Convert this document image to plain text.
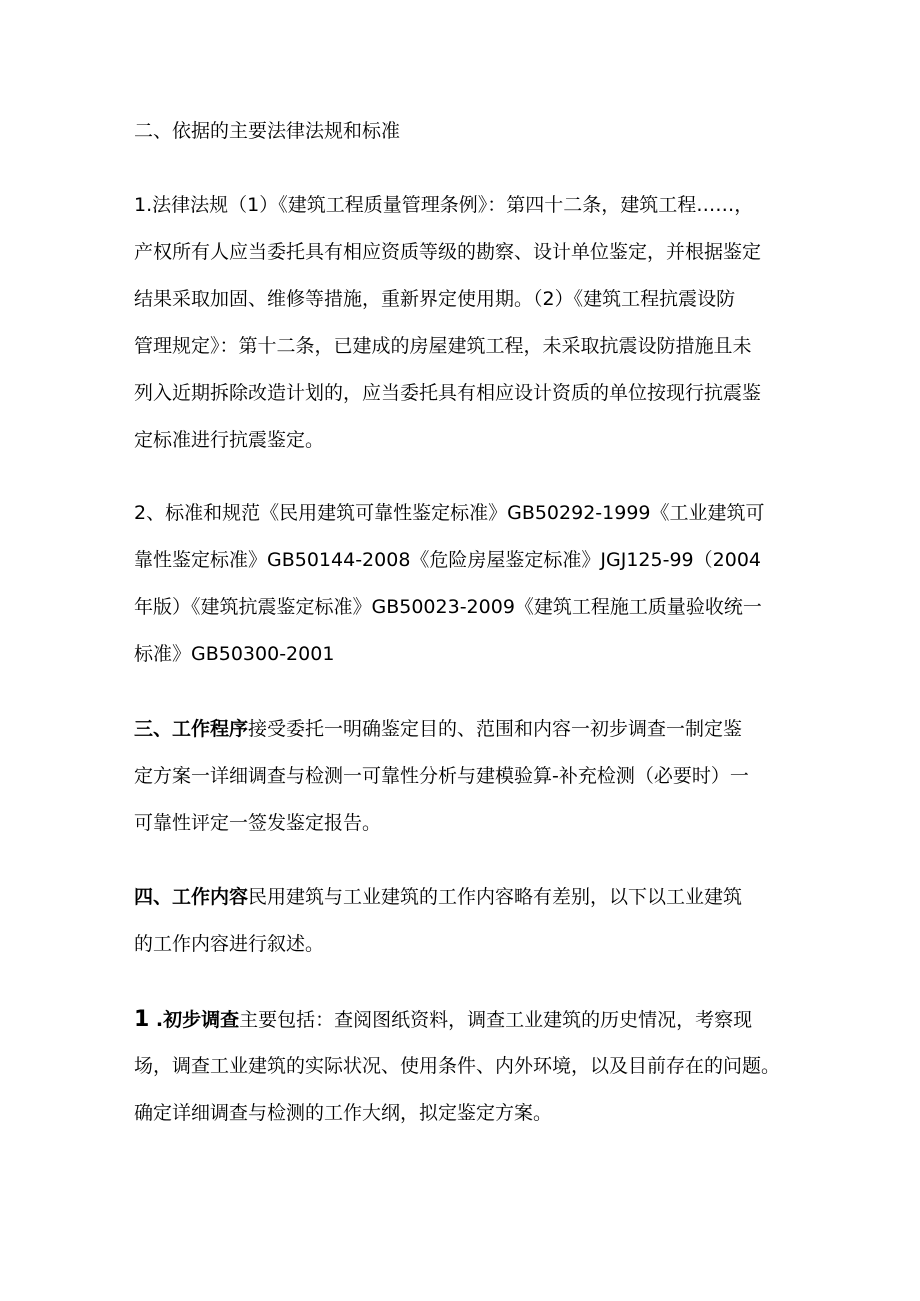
二、依据的主要法律法规和标准

1.法律法规（1）《建筑工程质量管理条例》：第四十二条，建筑工程……，
产权所有人应当委托具有相应资质等级的勘察、设计单位鉴定，并根据鉴定
结果采取加固、维修等措施，重新界定使用期。（2）《建筑工程抗震设防
管理规定》：第十二条，已建成的房屋建筑工程，未采取抗震设防措施且未
列入近期拆除改造计划的，应当委托具有相应设计资质的单位按现行抗震鉴
定标准进行抗震鉴定。

2、标准和规范《民用建筑可靠性鉴定标准》GB50292-1999《工业建筑可
靠性鉴定标准》GB50144-2008《危险房屋鉴定标准》JGJ125-99（2004
年版）《建筑抗震鉴定标准》GB50023-2009《建筑工程施工质量验收统一
标准》GB50300-2001

三、工作程序接受委托一明确鉴定目的、范围和内容一初步调查一制定鉴
定方案一详细调查与检测一可靠性分析与建模验算-补充检测（必要时）一
可靠性评定一签发鉴定报告。

四、工作内容民用建筑与工业建筑的工作内容略有差别，以下以工业建筑
的工作内容进行叙述。

1 .初步调查主要包括：查阅图纸资料，调查工业建筑的历史情况，考察现
场，调查工业建筑的实际状况、使用条件、内外环境，以及目前存在的问题。
确定详细调查与检测的工作大纲，拟定鉴定方案。
